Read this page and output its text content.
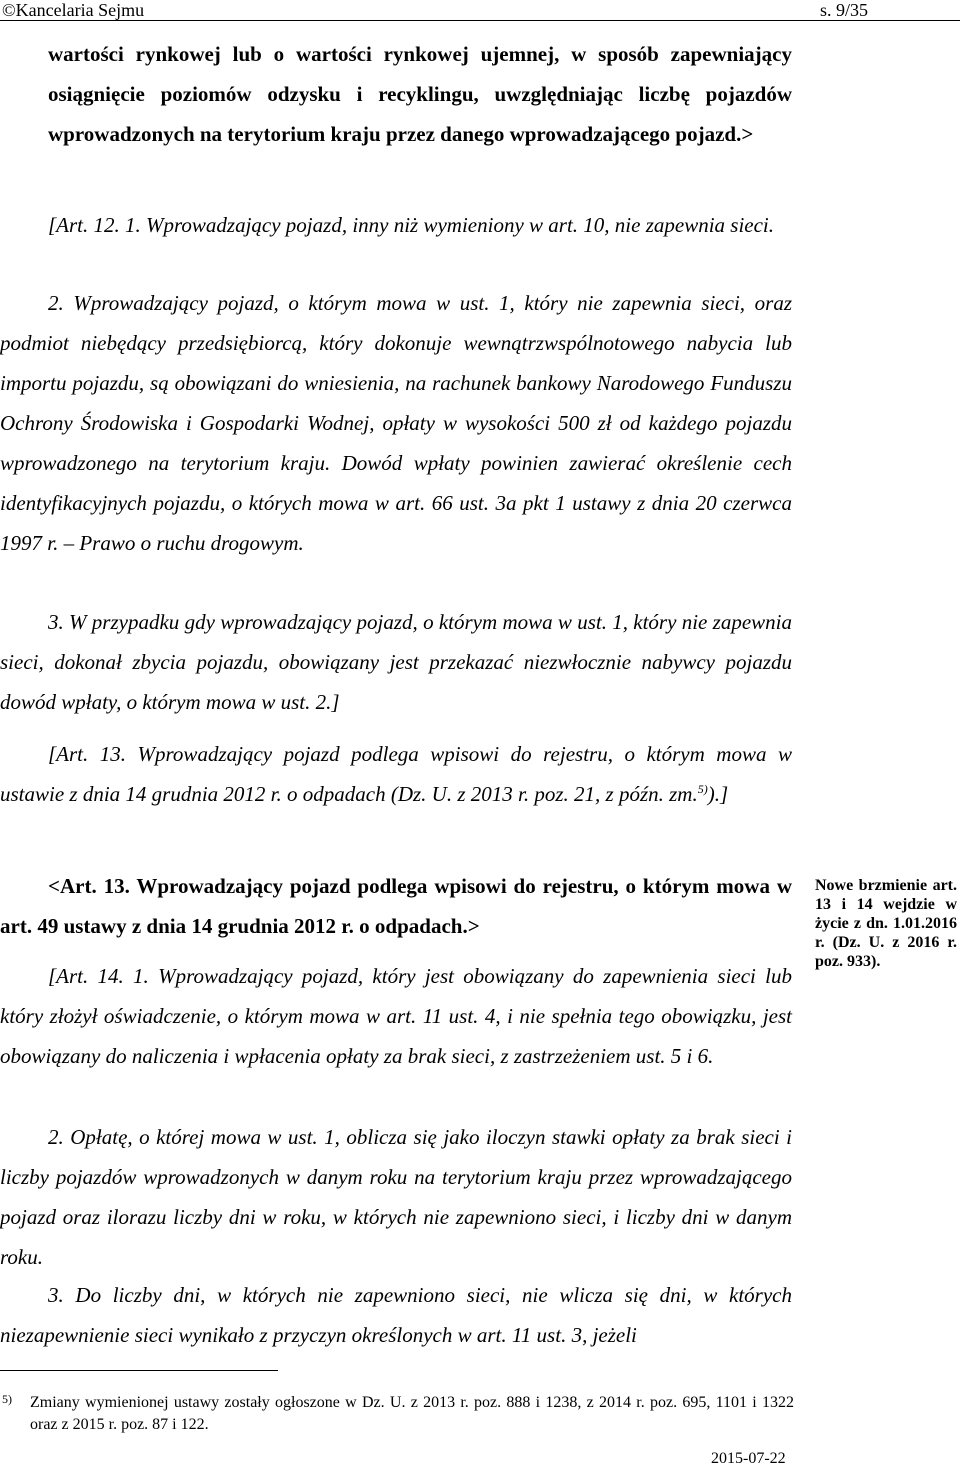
©Kancelaria Sejmu	s. 9/35

wartości rynkowej lub o wartości rynkowej ujemnej, w sposób zapewniający osiągnięcie poziomów odzysku i recyklingu, uwzględniając liczbę pojazdów wprowadzonych na terytorium kraju przez danego wprowadzającego pojazd.>

[Art. 12. 1. Wprowadzający pojazd, inny niż wymieniony w art. 10, nie zapewnia sieci.

2. Wprowadzający pojazd, o którym mowa w ust. 1, który nie zapewnia sieci, oraz podmiot niebędący przedsiębiorcą, który dokonuje wewnątrzwspólnotowego nabycia lub importu pojazdu, są obowiązani do wniesienia, na rachunek bankowy Narodowego Funduszu Ochrony Środowiska i Gospodarki Wodnej, opłaty w wysokości 500 zł od każdego pojazdu wprowadzonego na terytorium kraju. Dowód wpłaty powinien zawierać określenie cech identyfikacyjnych pojazdu, o których mowa w art. 66 ust. 3a pkt 1 ustawy z dnia 20 czerwca 1997 r. – Prawo o ruchu drogowym.

3. W przypadku gdy wprowadzający pojazd, o którym mowa w ust. 1, który nie zapewnia sieci, dokonał zbycia pojazdu, obowiązany jest przekazać niezwłocznie nabywcy pojazdu dowód wpłaty, o którym mowa w ust. 2.]

[Art. 13. Wprowadzający pojazd podlega wpisowi do rejestru, o którym mowa w ustawie z dnia 14 grudnia 2012 r. o odpadach (Dz. U. z 2013 r. poz. 21, z późn. zm.$^{5)}$).]

<Art. 13. Wprowadzający pojazd podlega wpisowi do rejestru, o którym mowa w art. 49 ustawy z dnia 14 grudnia 2012 r. o odpadach.>

[Art. 14. 1. Wprowadzający pojazd, który jest obowiązany do zapewnienia sieci lub który złożył oświadczenie, o którym mowa w art. 11 ust. 4, i nie spełnia tego obowiązku, jest obowiązany do naliczenia i wpłacenia opłaty za brak sieci, z zastrzeżeniem ust. 5 i 6.

2. Opłatę, o której mowa w ust. 1, oblicza się jako iloczyn stawki opłaty za brak sieci i liczby pojazdów wprowadzonych w danym roku na terytorium kraju przez wprowadzającego pojazd oraz ilorazu liczby dni w roku, w których nie zapewniono sieci, i liczby dni w danym roku.

3. Do liczby dni, w których nie zapewniono sieci, nie wlicza się dni, w których niezapewnienie sieci wynikało z przyczyn określonych w art. 11 ust. 3, jeżeli

Nowe brzmienie art. 13 i 14 wejdzie w życie z dn. 1.01.2016 r. (Dz. U. z 2016 r. poz. 933).

5) Zmiany wymienionej ustawy zostały ogłoszone w Dz. U. z 2013 r. poz. 888 i 1238, z 2014 r. poz. 695, 1101 i 1322 oraz z 2015 r. poz. 87 i 122.

2015-07-22
